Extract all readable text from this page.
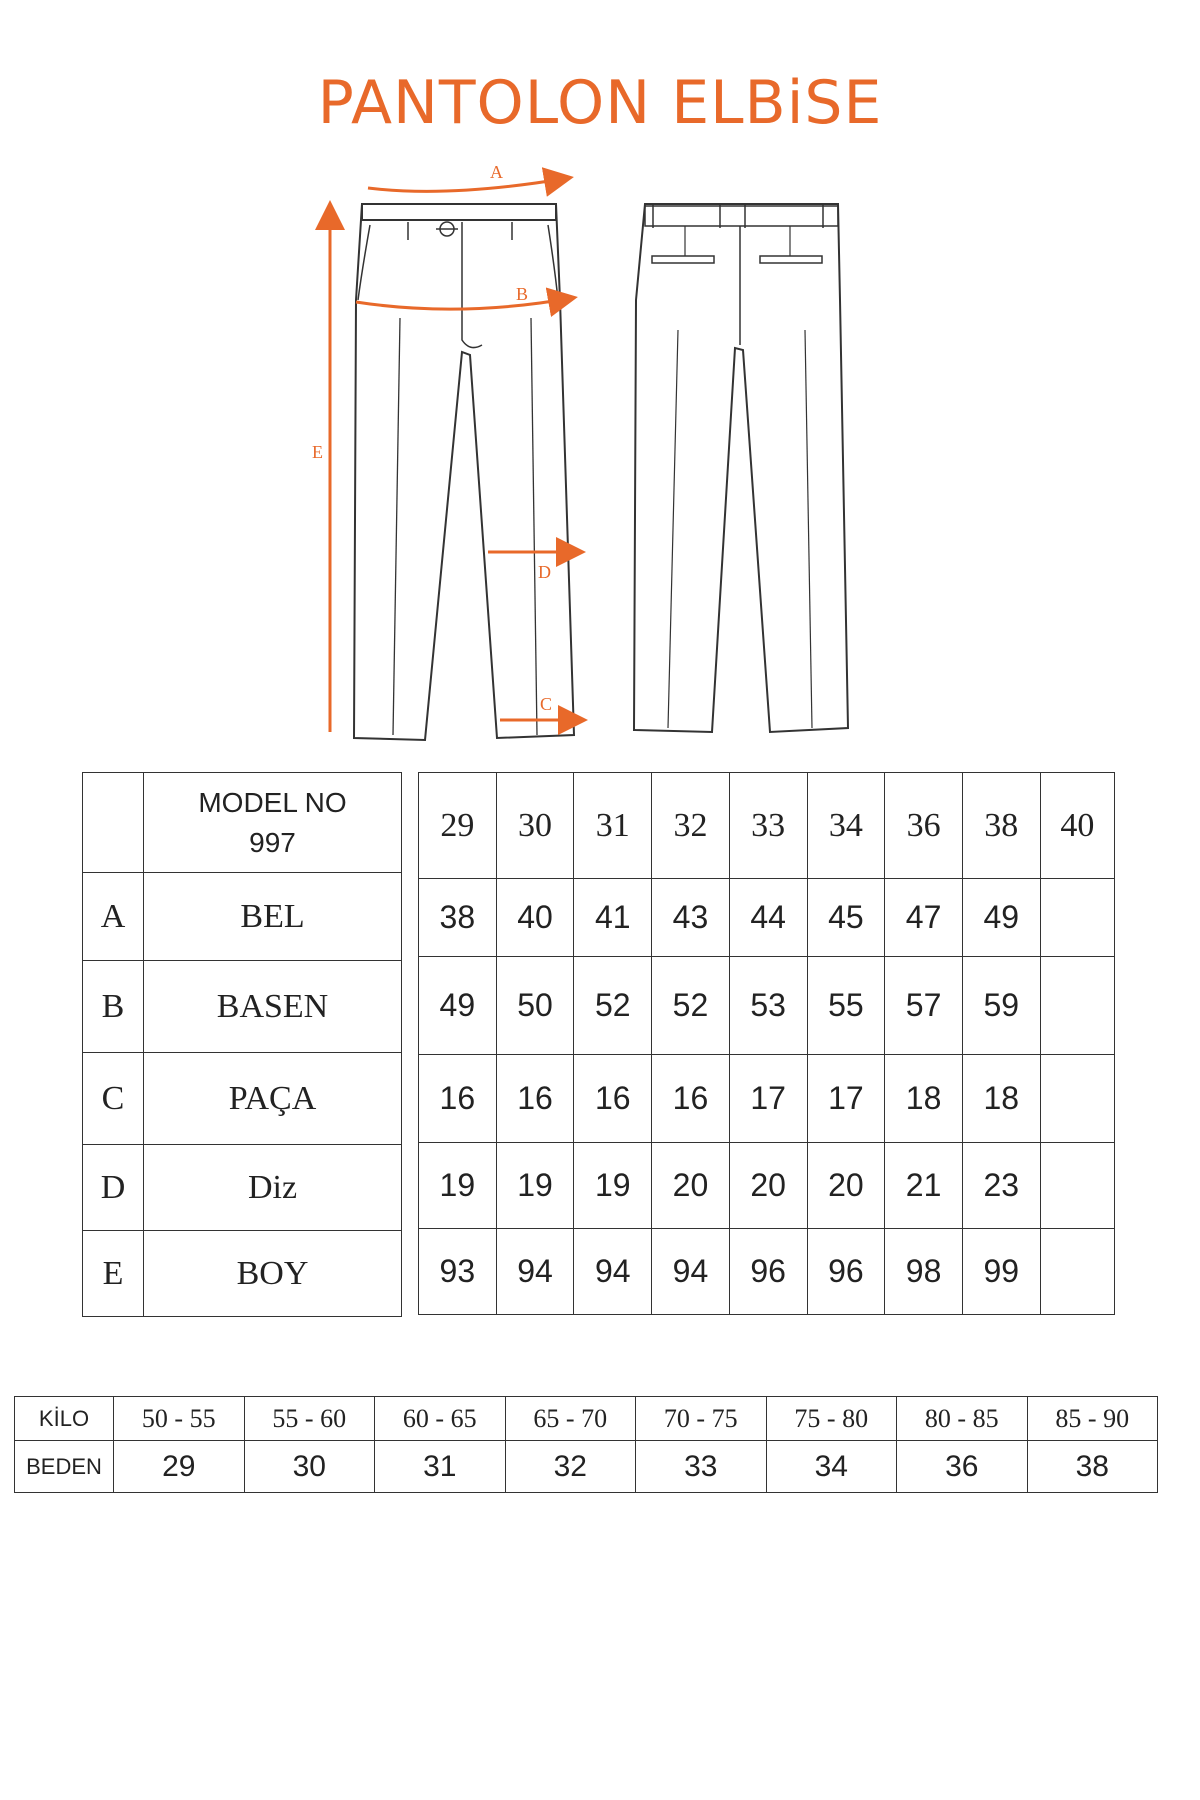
PANTOLON ELBiSE
A
B
E
D
C

	MODEL NO
997

A	BEL
B	BASEN
C	PAÇA
D	Diz
E	BOY
29	30	31	32	33	34	36	38	40
38	40	41	43	44	45	47	49	
49	50	52	52	53	55	57	59	
16	16	16	16	17	17	18	18	
19	19	19	20	20	20	21	23	
93	94	94	94	96	96	98	99	
KİLO	50 - 55	55 - 60	60 - 65	65 - 70	70 - 75	75 - 80	80 - 85	85 - 90
BEDEN	29	30	31	32	33	34	36	38
